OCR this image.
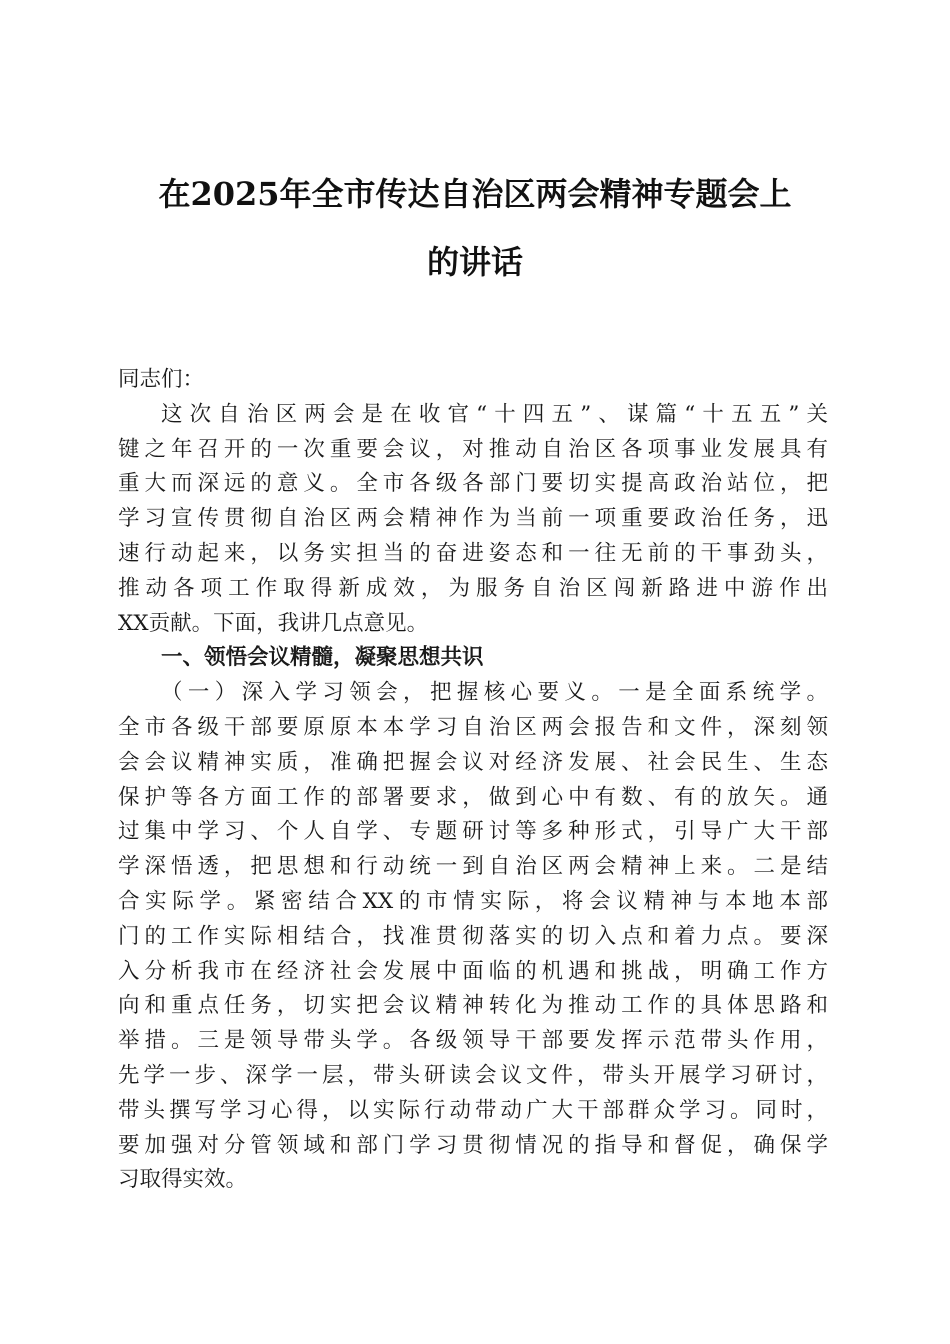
在2025年全市传达自治区两会精神专题会上
的讲话
同志们：
这次自治区两会是在收官“十四五”、谋篇“十五五”关
键之年召开的一次重要会议，对推动自治区各项事业发展具有
重大而深远的意义。全市各级各部门要切实提高政治站位，把
学习宣传贯彻自治区两会精神作为当前一项重要政治任务，迅
速行动起来，以务实担当的奋进姿态和一往无前的干事劲头，
推动各项工作取得新成效，为服务自治区闯新路进中游作出
XX贡献。下面，我讲几点意见。
一、领悟会议精髓，凝聚思想共识
（一）深入学习领会，把握核心要义。一是全面系统学。
全市各级干部要原原本本学习自治区两会报告和文件，深刻领
会会议精神实质，准确把握会议对经济发展、社会民生、生态
保护等各方面工作的部署要求，做到心中有数、有的放矢。通
过集中学习、个人自学、专题研讨等多种形式，引导广大干部
学深悟透，把思想和行动统一到自治区两会精神上来。二是结
合实际学。紧密结合XX的市情实际，将会议精神与本地本部
门的工作实际相结合，找准贯彻落实的切入点和着力点。要深
入分析我市在经济社会发展中面临的机遇和挑战，明确工作方
向和重点任务，切实把会议精神转化为推动工作的具体思路和
举措。三是领导带头学。各级领导干部要发挥示范带头作用，
先学一步、深学一层，带头研读会议文件，带头开展学习研讨，
带头撰写学习心得，以实际行动带动广大干部群众学习。同时，
要加强对分管领域和部门学习贯彻情况的指导和督促，确保学
习取得实效。
